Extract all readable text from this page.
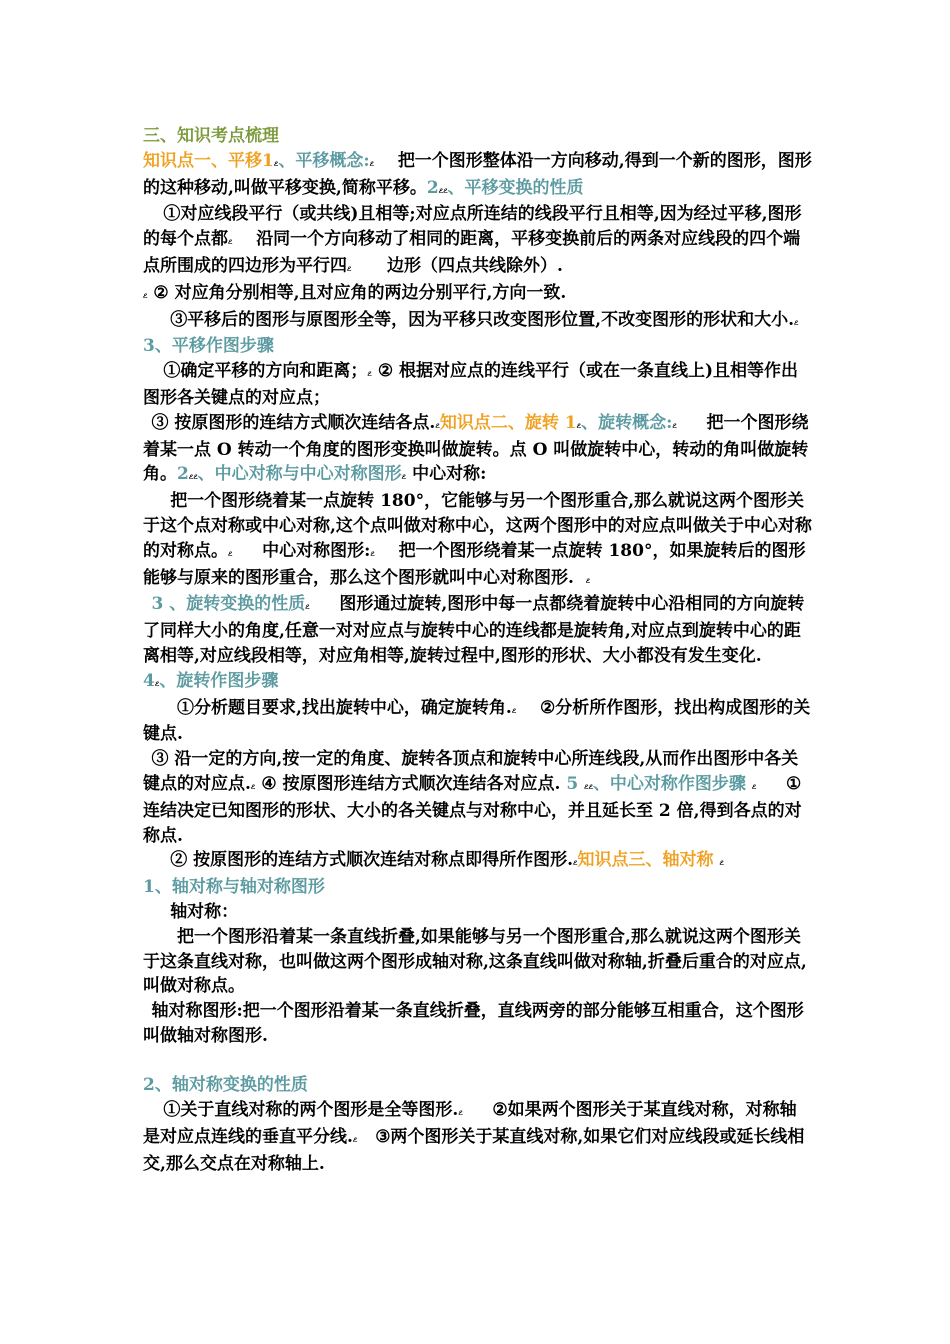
三、知识考点梳理

知识点一、平移1ޱ、平移概念:ޱ 把一个图形整体沿一方向移动,得到一个新的图形，图形的这种移动,叫做平移变换,简称平移。2 ޱޱ 、平移变换的性质

①对应线段平行（或共线)且相等;对应点所连结的线段平行且相等,因为经过平移,图形的每个点都ޱ 沿同一个方向移动了相同的距离，平移变换前后的两条对应线段的四个端点所围成的四边形为平行四ޱ 边形（四点共线除外）.

ޱ ② 对应角分别相等,且对应角的两边分别平行,方向一致.

③平移后的图形与原图形全等，因为平移只改变图形位置,不改变图形的形状和大小.ޱ

3、平移作图步骤

①确定平移的方向和距离；ޱ ② 根据对应点的连线平行（或在一条直线上)且相等作出图形各关键点的对应点；

③ 按原图形的连结方式顺次连结各点.ޱ知识点二、旋转 1ޱ、旋转概念:ޱ 把一个图形绕着某一点 O 转动一个角度的图形变换叫做旋转。点 O 叫做旋转中心，转动的角叫做旋转角。2 ޱޱ 、中心对称与中心对称图形ޱ 中心对称:

把一个图形绕着某一点旋转 180°，它能够与另一个图形重合,那么就说这两个图形关于这个点对称或中心对称,这个点叫做对称中心，这两个图形中的对应点叫做关于中心对称的对称点。ޱ 中心对称图形:ޱ 把一个图形绕着某一点旋转 180°，如果旋转后的图形能够与原来的图形重合，那么这个图形就叫中心对称图形. ޱ

3 、旋转变换的性质ޱ 图形通过旋转,图形中每一点都绕着旋转中心沿相同的方向旋转了同样大小的角度,任意一对对应点与旋转中心的连线都是旋转角,对应点到旋转中心的距离相等,对应线段相等，对应角相等,旋转过程中,图形的形状、大小都没有发生变化.

4ޱ、旋转作图步骤

①分析题目要求,找出旋转中心，确定旋转角.ޱ ②分析所作图形，找出构成图形的关键点.

③ 沿一定的方向,按一定的角度、旋转各顶点和旋转中心所连线段,从而作出图形中各关键点的对应点.ޱ ④ 按原图形连结方式顺次连结各对应点. 5 ޱޱ 、中心对称作图步骤 ޱ ① 连结决定已知图形的形状、大小的各关键点与对称中心，并且延长至 2 倍,得到各点的对称点.

② 按原图形的连结方式顺次连结对称点即得所作图形.ޱ知识点三、轴对称 ޱ

1、轴对称与轴对称图形

轴对称：

把一个图形沿着某一条直线折叠,如果能够与另一个图形重合,那么就说这两个图形关于这条直线对称，也叫做这两个图形成轴对称,这条直线叫做对称轴,折叠后重合的对应点,叫做对称点。

轴对称图形:把一个图形沿着某一条直线折叠，直线两旁的部分能够互相重合，这个图形叫做轴对称图形.

2、轴对称变换的性质

①关于直线对称的两个图形是全等图形.ޱ ②如果两个图形关于某直线对称，对称轴是对应点连线的垂直平分线.ޱ ③两个图形关于某直线对称,如果它们对应线段或延长线相交,那么交点在对称轴上.
